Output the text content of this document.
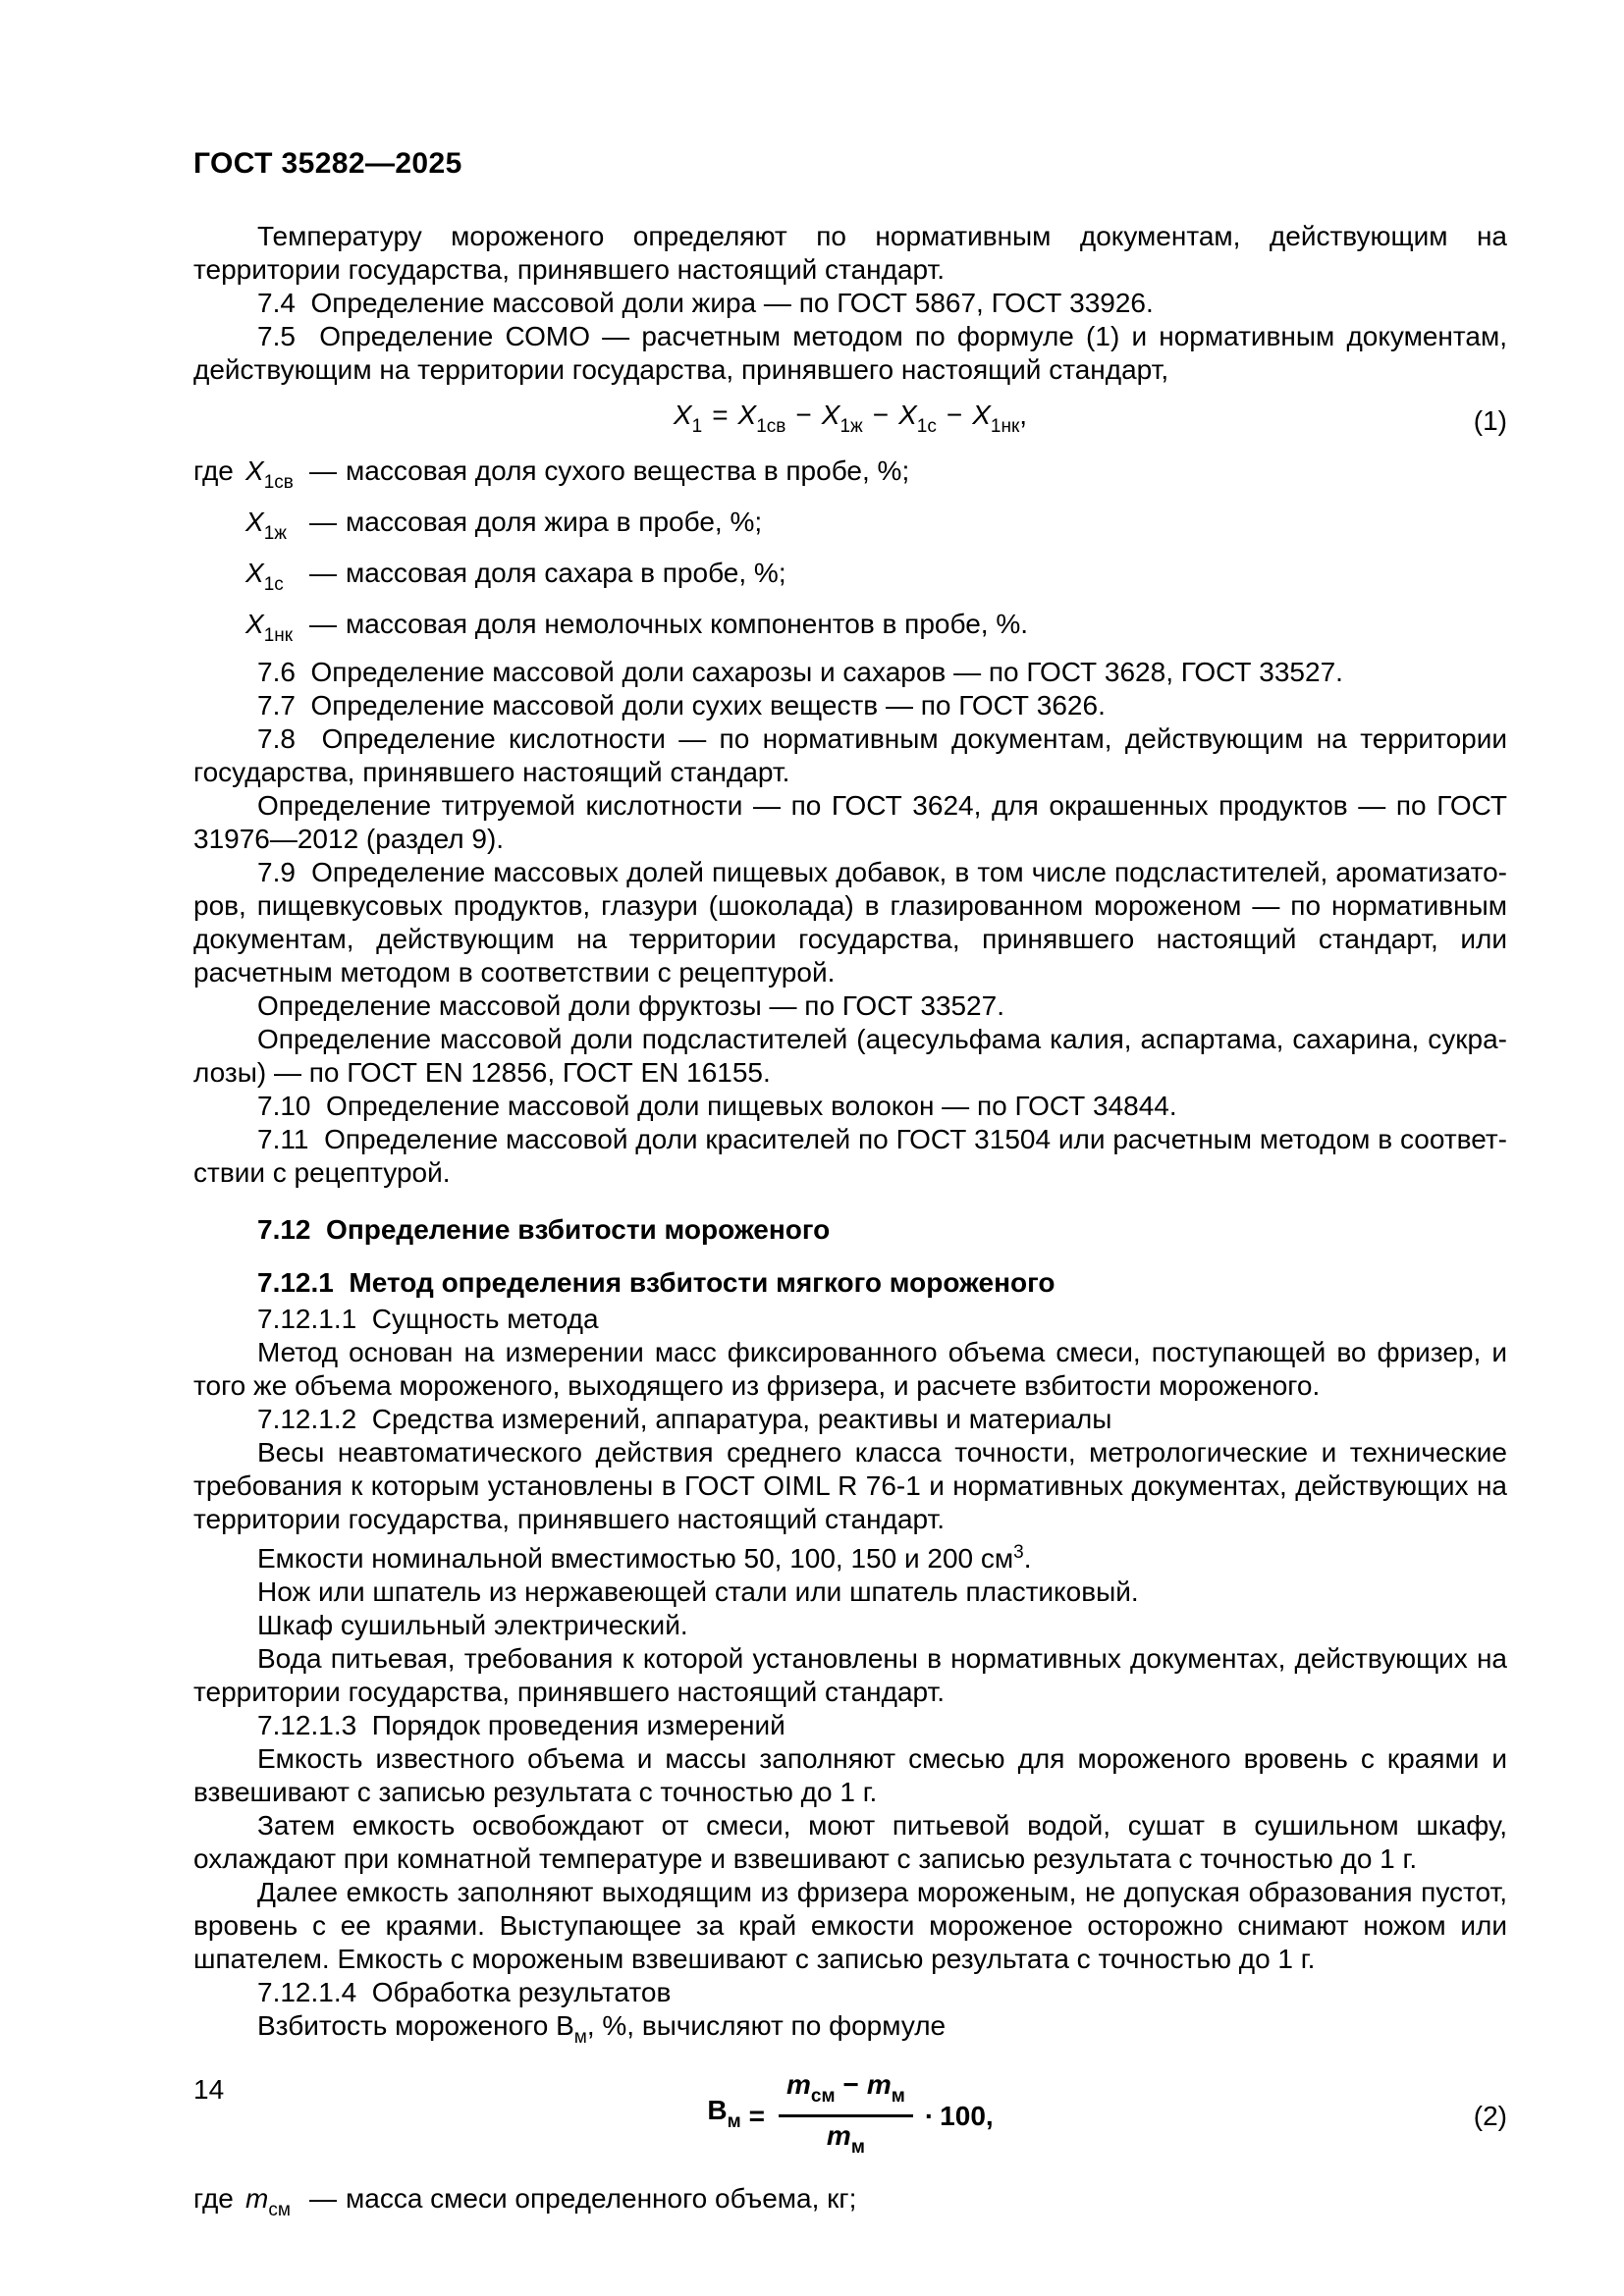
ГОСТ 35282—2025

Температуру мороженого определяют по нормативным документам, действующим на территории государства, принявшего настоящий стандарт.

7.4  Определение массовой доли жира — по ГОСТ 5867, ГОСТ 33926.

7.5  Определение СОМО — расчетным методом по формуле (1) и нормативным документам, действующим на территории государства, принявшего настоящий стандарт,

$X_1 = X_{1св} - X_{1ж} - X_{1с} - X_{1нк}$,	(1)
где $X_{1св}$ — массовая доля сухого вещества в пробе, %;
$X_{1ж}$ — массовая доля жира в пробе, %;
$X_{1с}$ — массовая доля сахара в пробе, %;
$X_{1нк}$ — массовая доля немолочных компонентов в пробе, %.

7.6  Определение массовой доли сахарозы и сахаров — по ГОСТ 3628, ГОСТ 33527.

7.7  Определение массовой доли сухих веществ — по ГОСТ 3626.

7.8  Определение кислотности — по нормативным документам, действующим на территории государства, принявшего настоящий стандарт.

Определение титруемой кислотности — по ГОСТ 3624, для окрашенных продуктов — по ГОСТ 31976—2012 (раздел 9).

7.9  Определение массовых долей пищевых добавок, в том числе подсластителей, ароматизаторов, пищевкусовых продуктов, глазури (шоколада) в глазированном мороженом — по нормативным документам, действующим на территории государства, принявшего настоящий стандарт, или расчетным методом в соответствии с рецептурой.

Определение массовой доли фруктозы — по ГОСТ 33527.

Определение массовой доли подсластителей (ацесульфама калия, аспартама, сахарина, сукралозы) — по ГОСТ EN 12856, ГОСТ EN 16155.

7.10  Определение массовой доли пищевых волокон — по ГОСТ 34844.

7.11  Определение массовой доли красителей по ГОСТ 31504 или расчетным методом в соответствии с рецептурой.

7.12  Определение взбитости мороженого

7.12.1  Метод определения взбитости мягкого мороженого

7.12.1.1  Сущность метода

Метод основан на измерении масс фиксированного объема смеси, поступающей во фризер, и того же объема мороженого, выходящего из фризера, и расчете взбитости мороженого.

7.12.1.2  Средства измерений, аппаратура, реактивы и материалы

Весы неавтоматического действия среднего класса точности, метрологические и технические требования к которым установлены в ГОСТ OIML R 76-1 и нормативных документах, действующих на территории государства, принявшего настоящий стандарт.

Емкости номинальной вместимостью 50, 100, 150 и 200 $см^3$.

Нож или шпатель из нержавеющей стали или шпатель пластиковый.

Шкаф сушильный электрический.

Вода питьевая, требования к которой установлены в нормативных документах, действующих на территории государства, принявшего настоящий стандарт.

7.12.1.3  Порядок проведения измерений

Емкость известного объема и массы заполняют смесью для мороженого вровень с краями и взвешивают с записью результата с точностью до 1 г.

Затем емкость освобождают от смеси, моют питьевой водой, сушат в сушильном шкафу, охлаждают при комнатной температуре и взвешивают с записью результата с точностью до 1 г.

Далее емкость заполняют выходящим из фризера мороженым, не допуская образования пустот, вровень с ее краями. Выступающее за край емкости мороженое осторожно снимают ножом или шпателем. Емкость с мороженым взвешивают с записью результата с точностью до 1 г.

7.12.1.4  Обработка результатов

Взбитость мороженого $В_м$, %, вычисляют по формуле

$В_м = \frac{m_{см} - m_м}{m_м} \cdot 100$,	(2)
где $m_{см}$ — масса смеси определенного объема, кг;
14
